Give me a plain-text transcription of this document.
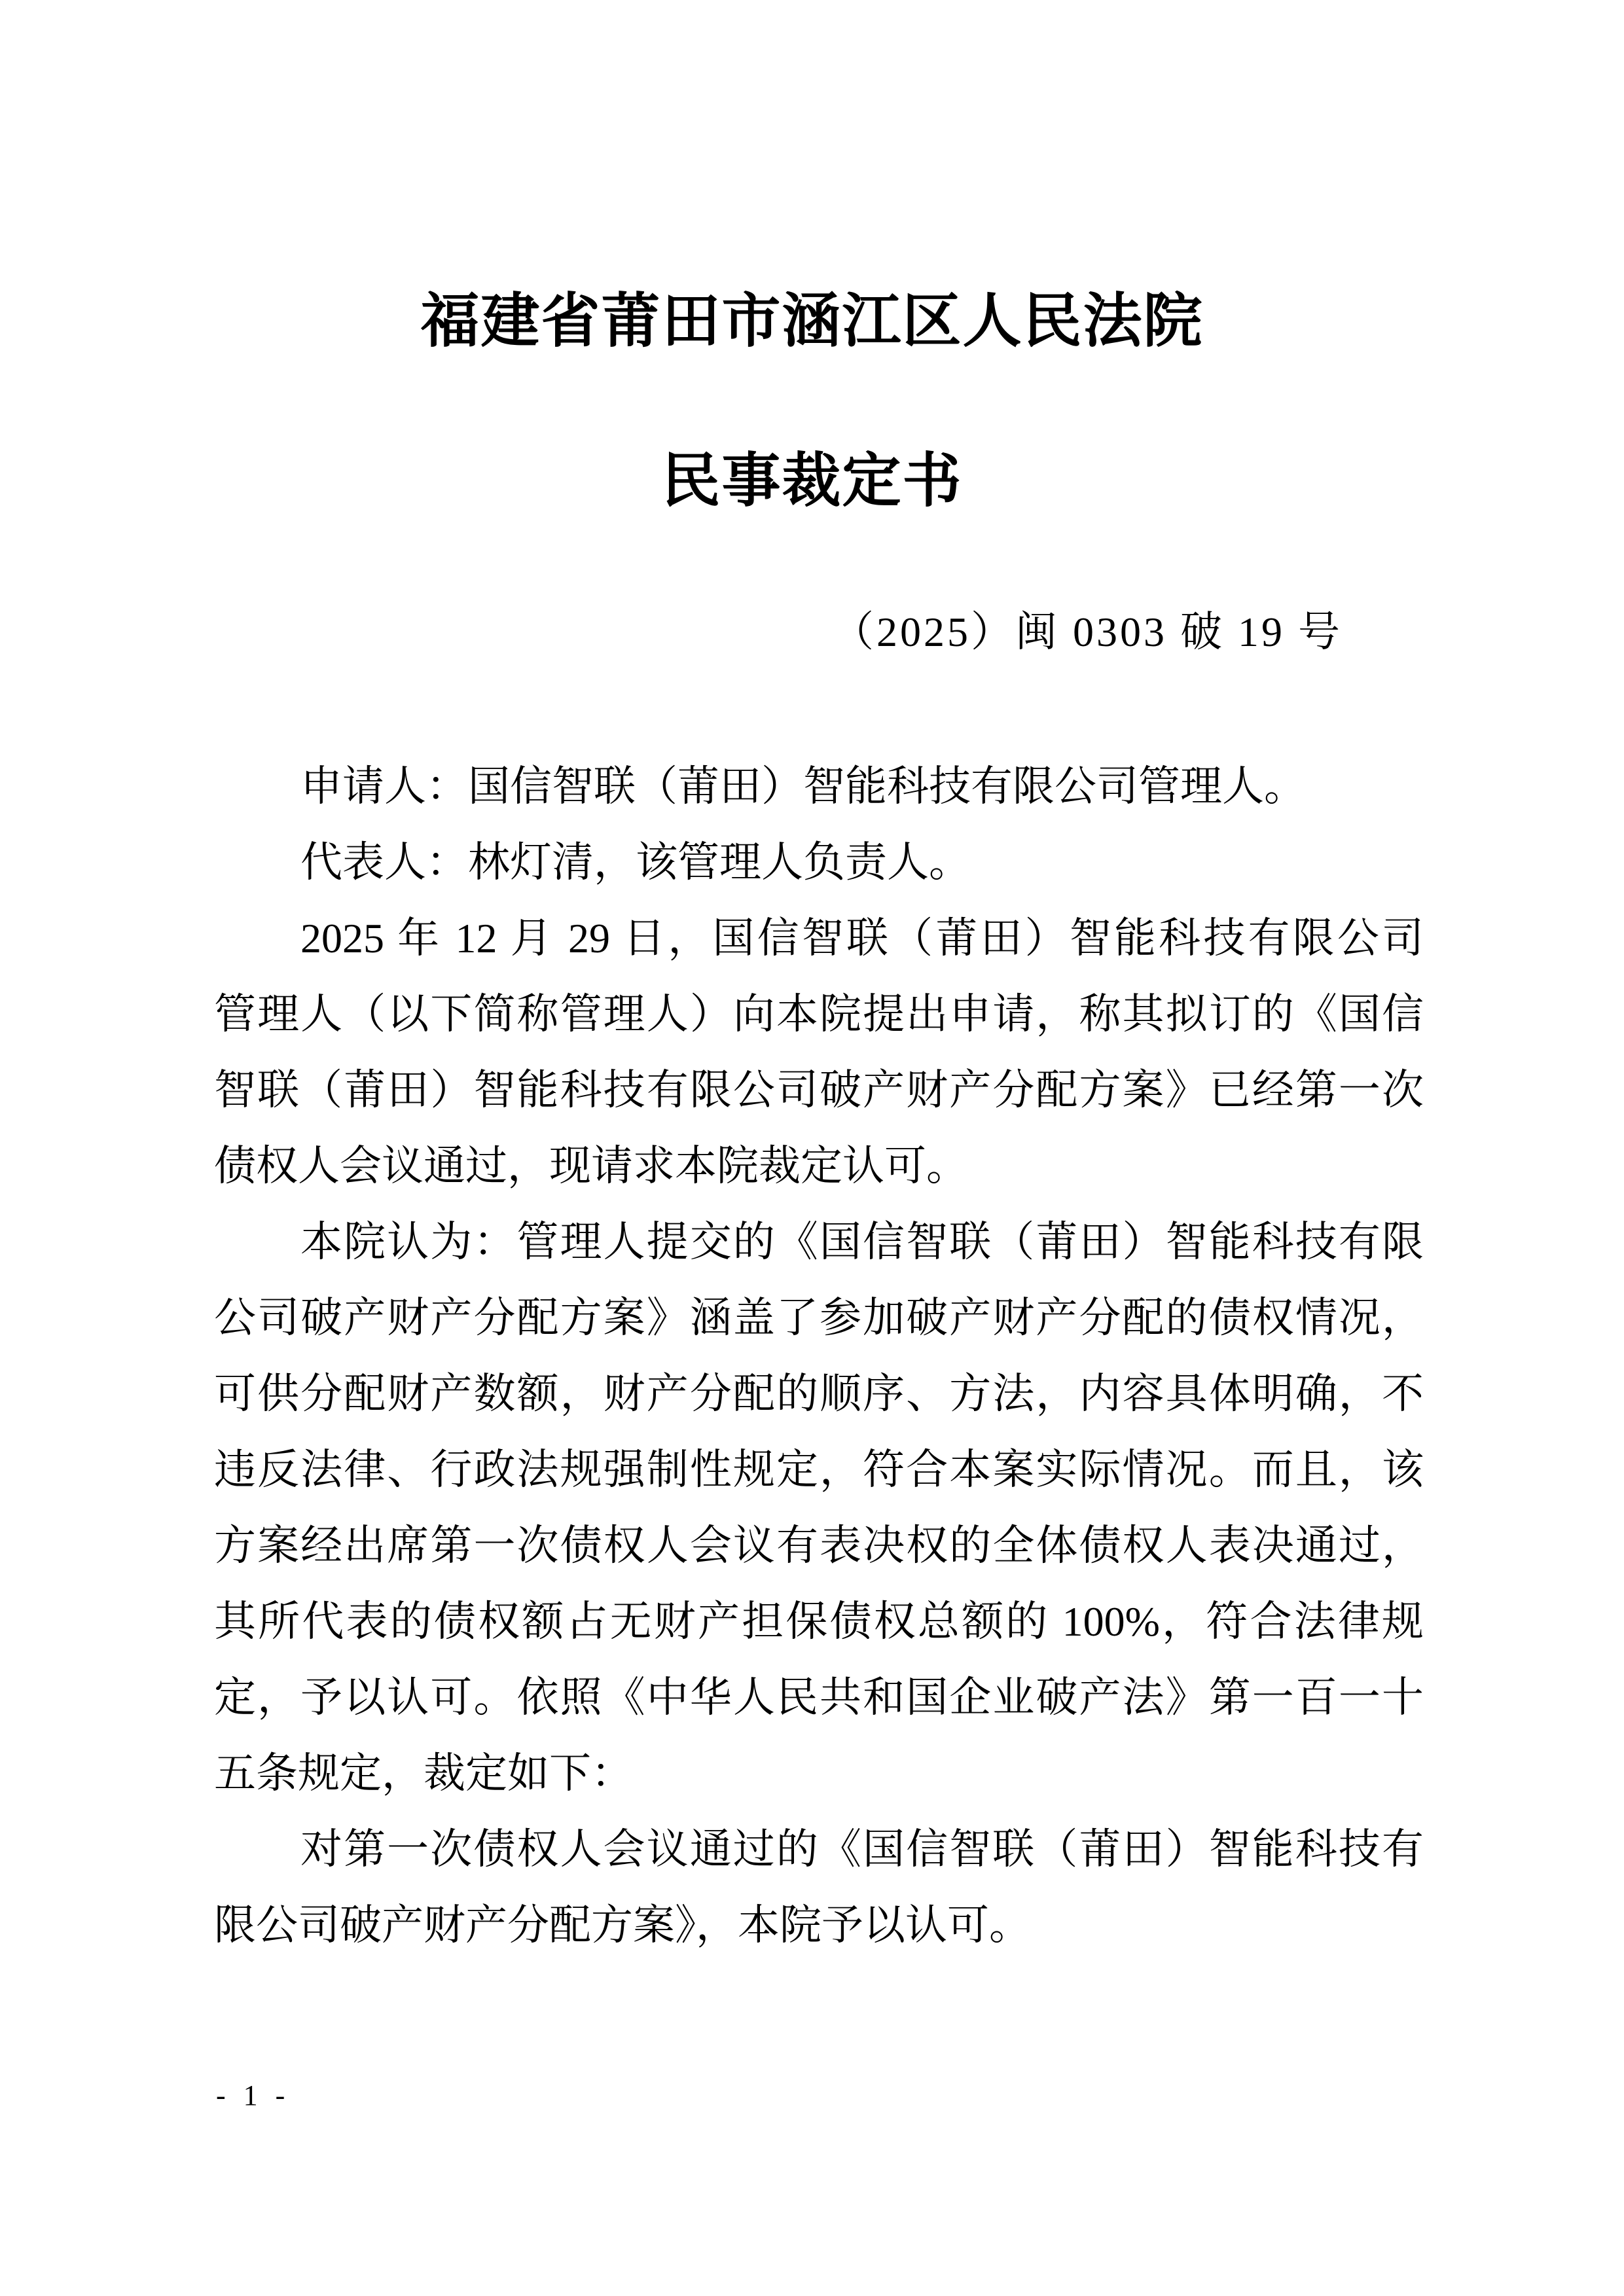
福建省莆田市涵江区人民法院
民事裁定书
（2025）闽 0303 破 19 号
申请人：国信智联（莆田）智能科技有限公司管理人。
代表人：林灯清，该管理人负责人。
2025 年 12 月 29 日，国信智联（莆田）智能科技有限公司
管理人（以下简称管理人）向本院提出申请，称其拟订的《国信
智联（莆田）智能科技有限公司破产财产分配方案》已经第一次
债权人会议通过，现请求本院裁定认可。
本院认为：管理人提交的《国信智联（莆田）智能科技有限
公司破产财产分配方案》涵盖了参加破产财产分配的债权情况，
可供分配财产数额，财产分配的顺序、方法，内容具体明确，不
违反法律、行政法规强制性规定，符合本案实际情况。而且，该
方案经出席第一次债权人会议有表决权的全体债权人表决通过，
其所代表的债权额占无财产担保债权总额的 100%，符合法律规
定，予以认可。依照《中华人民共和国企业破产法》第一百一十
五条规定，裁定如下：
对第一次债权人会议通过的《国信智联（莆田）智能科技有
限公司破产财产分配方案》，本院予以认可。
- 1 -
